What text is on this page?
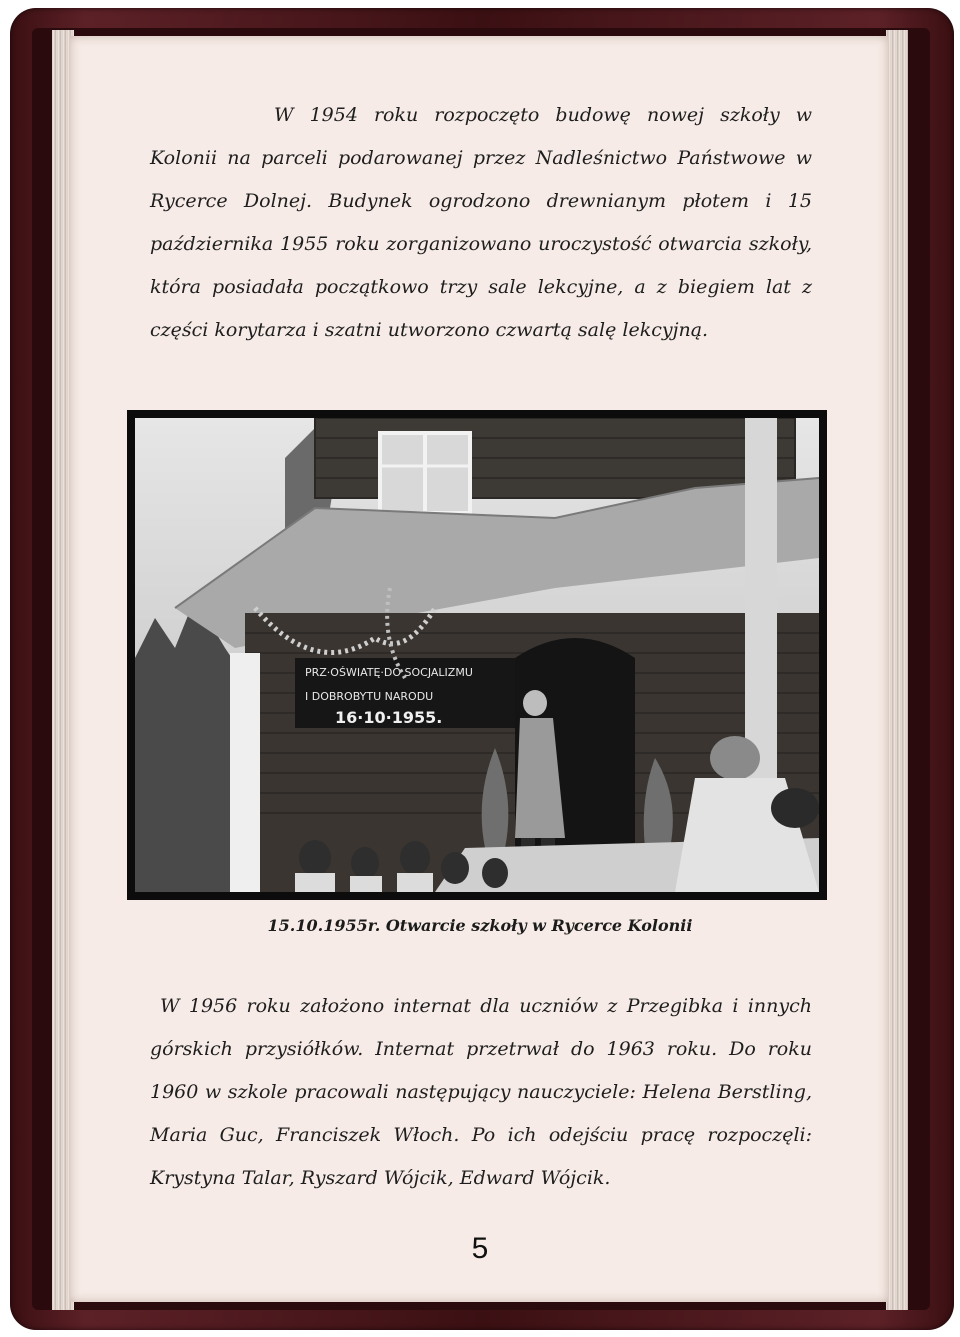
W 1954 roku rozpoczęto budowę nowej szkoły w Kolonii na parceli podarowanej przez Nadleśnictwo Państwowe w Rycerce Dolnej. Budynek ogrodzono drewnianym płotem i 15 października 1955 roku zorganizowano uroczystość otwarcia szkoły, która posiadała początkowo trzy sale lekcyjne, a z biegiem lat z części korytarza i szatni utworzono czwartą salę lekcyjną.

PRZ·OŚWIATĘ·DO SOCJALIZMU
I DOBROBYTU NARODU
16·10·1955.
15.10.1955r. Otwarcie szkoły w Rycerce Kolonii

W 1956 roku założono internat dla uczniów z Przegibka i innych górskich przysiółków. Internat przetrwał do 1963 roku. Do roku 1960 w szkole pracowali następujący nauczyciele: Helena Berstling, Maria Guc, Franciszek Włoch. Po ich odejściu pracę rozpoczęli: Krystyna Talar, Ryszard Wójcik, Edward Wójcik.

5
